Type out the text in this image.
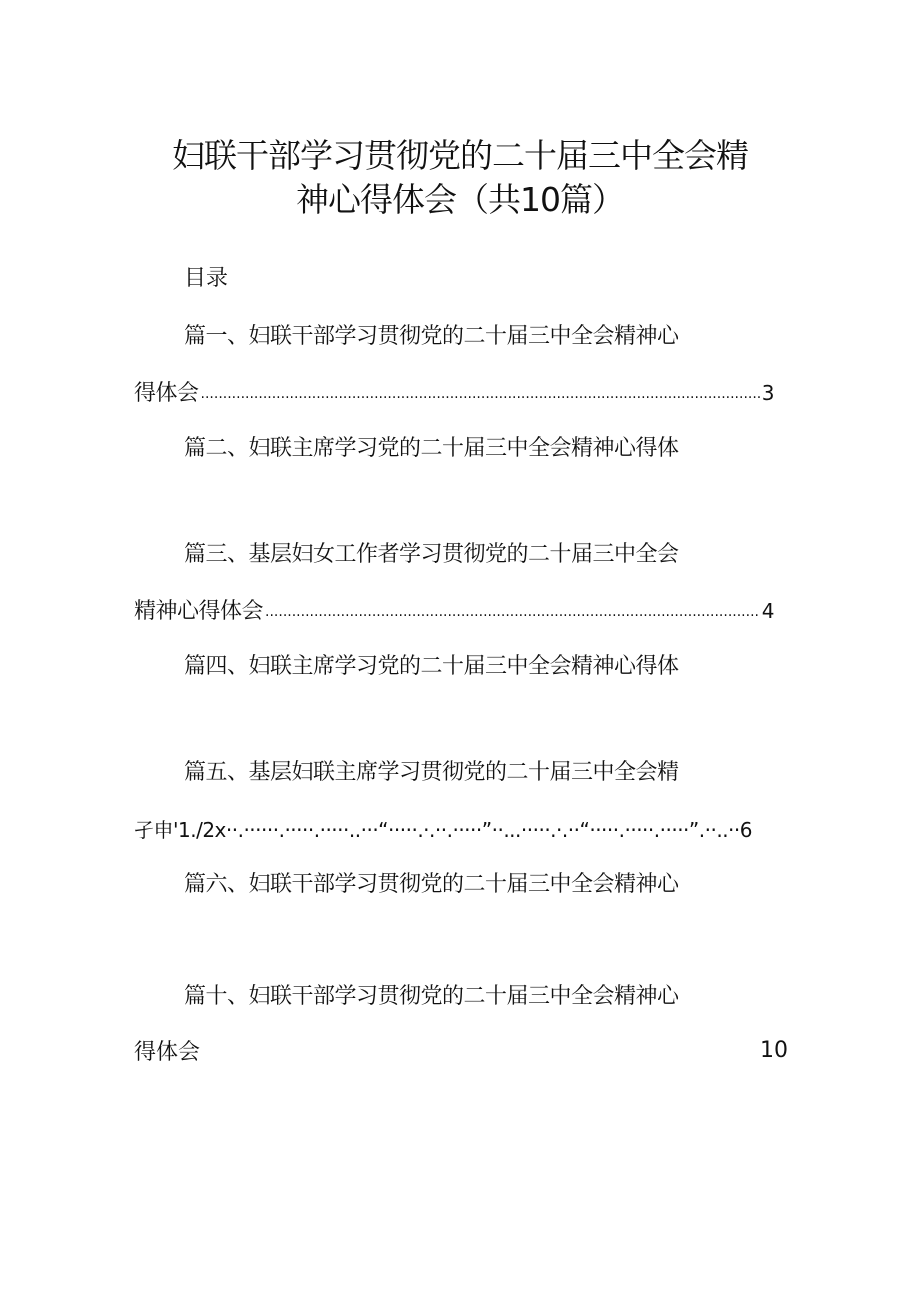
妇联干部学习贯彻党的二十届三中全会精
神心得体会（共10篇）
目录
篇一、妇联干部学习贯彻党的二十届三中全会精神心
得体会 .....	3
篇二、妇联主席学习党的二十届三中全会精神心得体
篇三、基层妇女工作者学习贯彻党的二十届三中全会
精神心得体会 .....	4
篇四、妇联主席学习党的二十届三中全会精神心得体
篇五、基层妇联主席学习贯彻党的二十届三中全会精
孑申'1./2x··.······.·····.·····..···“·····.·.··.·····”··...·····.·.··“·····.·····.·····”.··..··6
篇六、妇联干部学习贯彻党的二十届三中全会精神心
篇十、妇联干部学习贯彻党的二十届三中全会精神心
得体会	10
